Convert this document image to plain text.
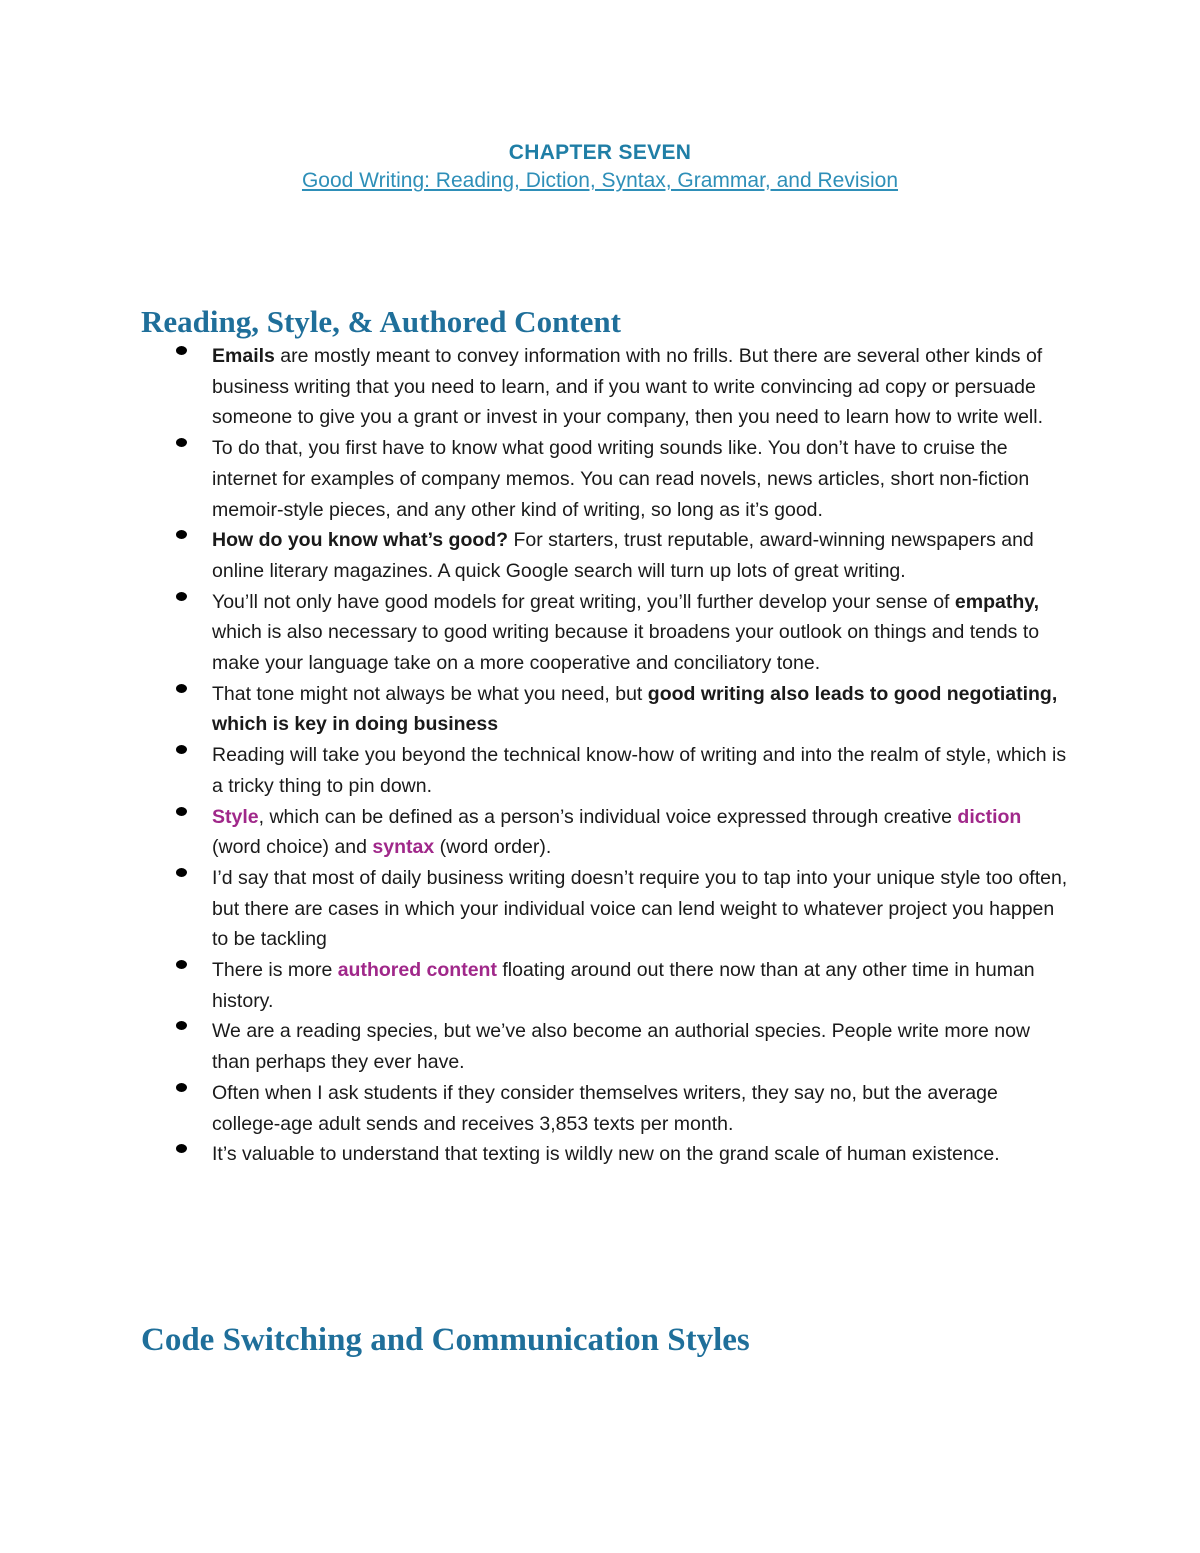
CHAPTER SEVEN
Good Writing: Reading, Diction, Syntax, Grammar, and Revision
Reading, Style, & Authored Content
Emails are mostly meant to convey information with no frills. But there are several other kinds of business writing that you need to learn, and if you want to write convincing ad copy or persuade someone to give you a grant or invest in your company, then you need to learn how to write well.
To do that, you first have to know what good writing sounds like. You don’t have to cruise the internet for examples of company memos. You can read novels, news articles, short non-fiction memoir-style pieces, and any other kind of writing, so long as it’s good.
How do you know what’s good? For starters, trust reputable, award-winning newspapers and online literary magazines. A quick Google search will turn up lots of great writing.
You’ll not only have good models for great writing, you’ll further develop your sense of empathy, which is also necessary to good writing because it broadens your outlook on things and tends to make your language take on a more cooperative and conciliatory tone.
That tone might not always be what you need, but good writing also leads to good negotiating, which is key in doing business
Reading will take you beyond the technical know-how of writing and into the realm of style, which is a tricky thing to pin down.
Style, which can be defined as a person’s individual voice expressed through creative diction (word choice) and syntax (word order).
I’d say that most of daily business writing doesn’t require you to tap into your unique style too often, but there are cases in which your individual voice can lend weight to whatever project you happen to be tackling
There is more authored content floating around out there now than at any other time in human history.
We are a reading species, but we’ve also become an authorial species. People write more now than perhaps they ever have.
Often when I ask students if they consider themselves writers, they say no, but the average college-age adult sends and receives 3,853 texts per month.
It’s valuable to understand that texting is wildly new on the grand scale of human existence.
Code Switching and Communication Styles
